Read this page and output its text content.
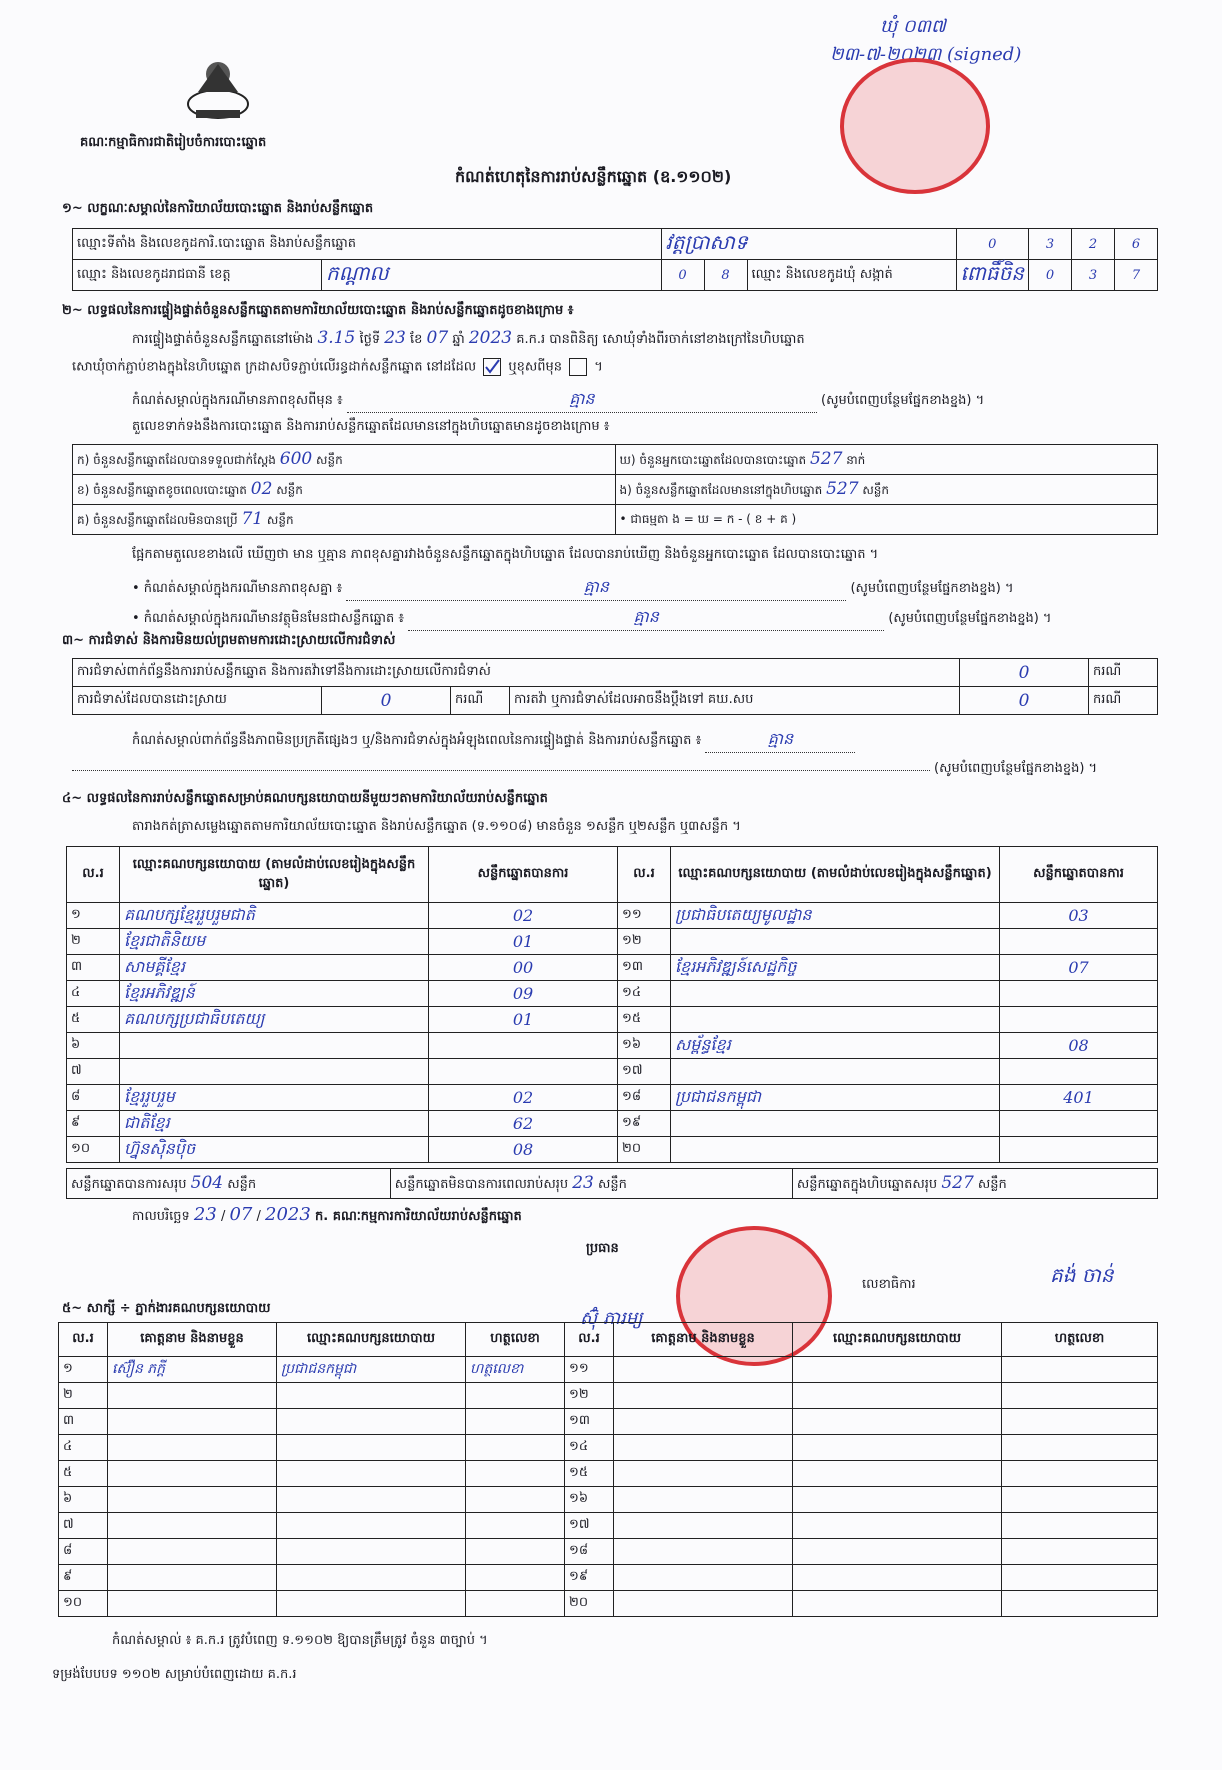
គណៈកម្មាធិការជាតិរៀបចំការបោះឆ្នោត
កំណត់ហេតុនៃការរាប់សន្លឹកឆ្នោត (ឧ.១១០២)
ឃុំ ០៣៧
២៣-៧-២០២៣ (signed)
១~ លក្ខណៈសម្គាល់នៃការិយាល័យបោះឆ្នោត និងរាប់សន្លឹកឆ្នោត
ឈ្មោះទីតាំង និងលេខកូដការិ.បោះឆ្នោត និងរាប់សន្លឹកឆ្នោត		វត្តប្រាសាទ			0	3	2	6
ឈ្មោះ និងលេខកូដរាជធានី ខេត្ត	កណ្ដាល	0	8	ឈ្មោះ និងលេខកូដឃុំ សង្កាត់	ពោធិ៍ចិន	0	3	7
២~ លទ្ធផលនៃការផ្ទៀងផ្ទាត់ចំនួនសន្លឹកឆ្នោតតាមការិយាល័យបោះឆ្នោត និងរាប់សន្លឹកឆ្នោតដូចខាងក្រោម ៖
ការផ្ទៀងផ្ទាត់ចំនួនសន្លឹកឆ្នោតនៅម៉ោង 3.15 ថ្ងៃទី 23 ខែ 07 ឆ្នាំ 2023 គ.ក.រ បានពិនិត្យ សោឃុំទាំងពីរចាក់នៅខាងក្រៅនៃហិបឆ្នោត
សោឃុំចាក់ភ្ជាប់ខាងក្នុងនៃហិបឆ្នោត ក្រដាសបិទភ្ជាប់លើរន្ធដាក់សន្លឹកឆ្នោត នៅដដែល ឬខុសពីមុន  ។
កំណត់សម្គាល់ក្នុងករណីមានភាពខុសពីមុន ៖	គ្មាន	(សូមបំពេញបន្ថែមផ្នែកខាងខ្នង) ។
តួលេខទាក់ទងនឹងការបោះឆ្នោត និងការរាប់សន្លឹកឆ្នោតដែលមាននៅក្នុងហិបឆ្នោតមានដូចខាងក្រោម ៖
ក) ចំនួនសន្លឹកឆ្នោតដែលបានទទួលជាក់ស្ដែង 600 សន្លឹក	ឃ) ចំនួនអ្នកបោះឆ្នោតដែលបានបោះឆ្នោត 527 នាក់
ខ) ចំនួនសន្លឹកឆ្នោតខូចពេលបោះឆ្នោត 02 សន្លឹក	ង) ចំនួនសន្លឹកឆ្នោតដែលមាននៅក្នុងហិបឆ្នោត 527 សន្លឹក
គ) ចំនួនសន្លឹកឆ្នោតដែលមិនបានប្រើ 71 សន្លឹក	• ជាធម្មតា ង = ឃ = ក - ( ខ + គ )
ផ្អែកតាមតួលេខខាងលើ ឃើញថា មាន ឬគ្មាន ភាពខុសគ្នារវាងចំនួនសន្លឹកឆ្នោតក្នុងហិបឆ្នោត ដែលបានរាប់ឃើញ និងចំនួនអ្នកបោះឆ្នោត ដែលបានបោះឆ្នោត ។
• កំណត់សម្គាល់ក្នុងករណីមានភាពខុសគ្នា ៖	គ្មាន	(សូមបំពេញបន្ថែមផ្នែកខាងខ្នង) ។
• កំណត់សម្គាល់ក្នុងករណីមានវត្ថុមិនមែនជាសន្លឹកឆ្នោត ៖	គ្មាន	(សូមបំពេញបន្ថែមផ្នែកខាងខ្នង) ។
៣~ ការជំទាស់ និងការមិនយល់ព្រមតាមការដោះស្រាយលើការជំទាស់
ការជំទាស់ពាក់ព័ន្ធនឹងការរាប់សន្លឹកឆ្នោត និងការតវ៉ាទៅនឹងការដោះស្រាយលើការជំទាស់				0	ករណី
ការជំទាស់ដែលបានដោះស្រាយ	0	ករណី	ការតវ៉ា ឬការជំទាស់ដែលអាចនឹងប្ដឹងទៅ គឃ.សប	0	ករណី
កំណត់សម្គាល់ពាក់ព័ន្ធនឹងភាពមិនប្រក្រតីផ្សេងៗ ឬ/និងការជំទាស់ក្នុងអំឡុងពេលនៃការផ្ទៀងផ្ទាត់ និងការរាប់សន្លឹកឆ្នោត ៖	គ្មាន
(សូមបំពេញបន្ថែមផ្នែកខាងខ្នង) ។
៤~ លទ្ធផលនៃការរាប់សន្លឹកឆ្នោតសម្រាប់គណបក្សនយោបាយនីមួយៗតាមការិយាល័យរាប់សន្លឹកឆ្នោត
តារាងកត់ត្រាសម្លេងឆ្នោតតាមការិយាល័យបោះឆ្នោត និងរាប់សន្លឹកឆ្នោត (ទ.១១០៨) មានចំនួន ១សន្លឹក ឬ២សន្លឹក ឬ៣សន្លឹក ។
ល.រ	ឈ្មោះគណបក្សនយោបាយ (តាមលំដាប់លេខរៀងក្នុងសន្លឹកឆ្នោត)	សន្លឹកឆ្នោតបានការ	ល.រ	ឈ្មោះគណបក្សនយោបាយ (តាមលំដាប់លេខរៀងក្នុងសន្លឹកឆ្នោត)	សន្លឹកឆ្នោតបានការ
១	គណបក្សខ្មែររួបរួមជាតិ	02	១១	ប្រជាធិបតេយ្យមូលដ្ឋាន	03
២	ខ្មែរជាតិនិយម	01	១២		
៣	សាមគ្គីខ្មែរ	00	១៣	ខ្មែរអភិវឌ្ឍន៍សេដ្ឋកិច្ច	07
៤	ខ្មែរអភិវឌ្ឍន៍	09	១៤		
៥	គណបក្សប្រជាធិបតេយ្យ	01	១៥		
៦			១៦	សម្ព័ន្ធខ្មែរ	08
៧			១៧		
៨	ខ្មែររួបរួម	02	១៨	ប្រជាជនកម្ពុជា	401
៩	ជាតិខ្មែរ	62	១៩		
១០	ហ្វ៊ុនស៊ិនប៉ិច	08	២០		
សន្លឹកឆ្នោតបានការសរុប 504 សន្លឹក	សន្លឹកឆ្នោតមិនបានការពេលរាប់សរុប 23 សន្លឹក	សន្លឹកឆ្នោតក្នុងហិបឆ្នោតសរុប 527 សន្លឹក
កាលបរិច្ឆេទ 23 / 07 / 2023 ក. គណៈកម្មការការិយាល័យរាប់សន្លឹកឆ្នោត
ប្រធាន
ស៊ុំ ភារម្យ
លេខាធិការ	គង់ ចាន់
៥~ សាក្សី ÷ ភ្នាក់ងារគណបក្សនយោបាយ
ល.រ	គោត្តនាម និងនាមខ្លួន	ឈ្មោះគណបក្សនយោបាយ	ហត្ថលេខា	ល.រ	គោត្តនាម និងនាមខ្លួន	ឈ្មោះគណបក្សនយោបាយ	ហត្ថលេខា
១	ស៊ឿន ភក្ដី	ប្រជាជនកម្ពុជា	ហត្ថលេខា	១១			
២				១២			
៣				១៣			
៤				១៤			
៥				១៥			
៦				១៦			
៧				១៧			
៨				១៨			
៩				១៩			
១០				២០			
កំណត់សម្គាល់ ៖ គ.ក.រ ត្រូវបំពេញ ទ.១១០២ ឱ្យបានត្រឹមត្រូវ ចំនួន ៣ច្បាប់ ។
ទម្រង់បែបបទ ១១០២ សម្រាប់បំពេញដោយ គ.ក.រ
